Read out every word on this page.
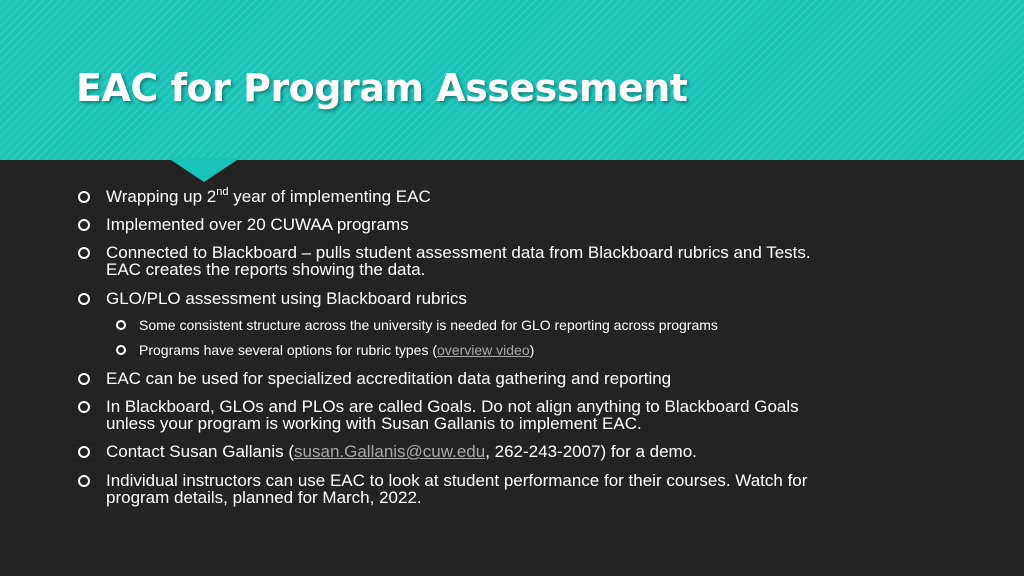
EAC for Program Assessment
Wrapping up 2nd year of implementing EAC
Implemented over 20 CUWAA programs
Connected to Blackboard – pulls student assessment data from Blackboard rubrics and Tests.
EAC creates the reports showing the data.
GLO/PLO assessment using Blackboard rubrics
Some consistent structure across the university is needed for GLO reporting across programs
Programs have several options for rubric types (overview video)
EAC can be used for specialized accreditation data gathering and reporting
In Blackboard, GLOs and PLOs are called Goals. Do not align anything to Blackboard Goals
unless your program is working with Susan Gallanis to implement EAC.
Contact Susan Gallanis (susan.Gallanis@cuw.edu, 262-243-2007) for a demo.
Individual instructors can use EAC to look at student performance for their courses. Watch for
program details, planned for March, 2022.
